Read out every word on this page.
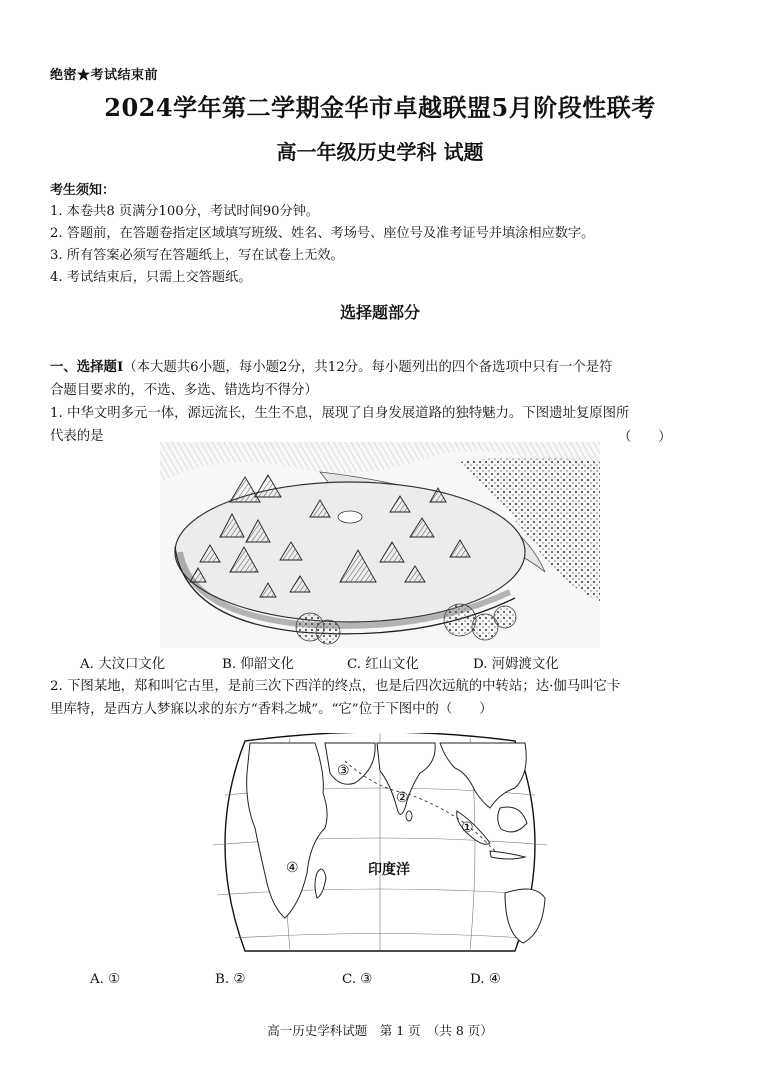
绝密★考试结束前
2024学年第二学期金华市卓越联盟5月阶段性联考
高一年级历史学科 试题
考生须知：
1. 本卷共8 页满分100分，考试时间90分钟。
2. 答题前，在答题卷指定区域填写班级、姓名、考场号、座位号及准考证号并填涂相应数字。
3. 所有答案必须写在答题纸上，写在试卷上无效。
4. 考试结束后，只需上交答题纸。
选择题部分
一、选择题Ⅰ（本大题共6小题，每小题2分，共12分。每小题列出的四个备选项中只有一个是符
合题目要求的，不选、多选、错选均不得分）
1. 中华文明多元一体，源远流长，生生不息，展现了自身发展道路的独特魅力。下图遗址复原图所
代表的是	（　　）
A. 大汶口文化	B. 仰韶文化	C. 红山文化	D. 河姆渡文化
2. 下图某地，郑和叫它古里，是前三次下西洋的终点，也是后四次远航的中转站；达·伽马叫它卡
里库特，是西方人梦寐以求的东方“香料之城”。“它”位于下图中的（　　）
印度洋
①
②
③
④
A. ①	B. ②	C. ③	D. ④
高一历史学科试题　第 1 页　（共 8 页）
